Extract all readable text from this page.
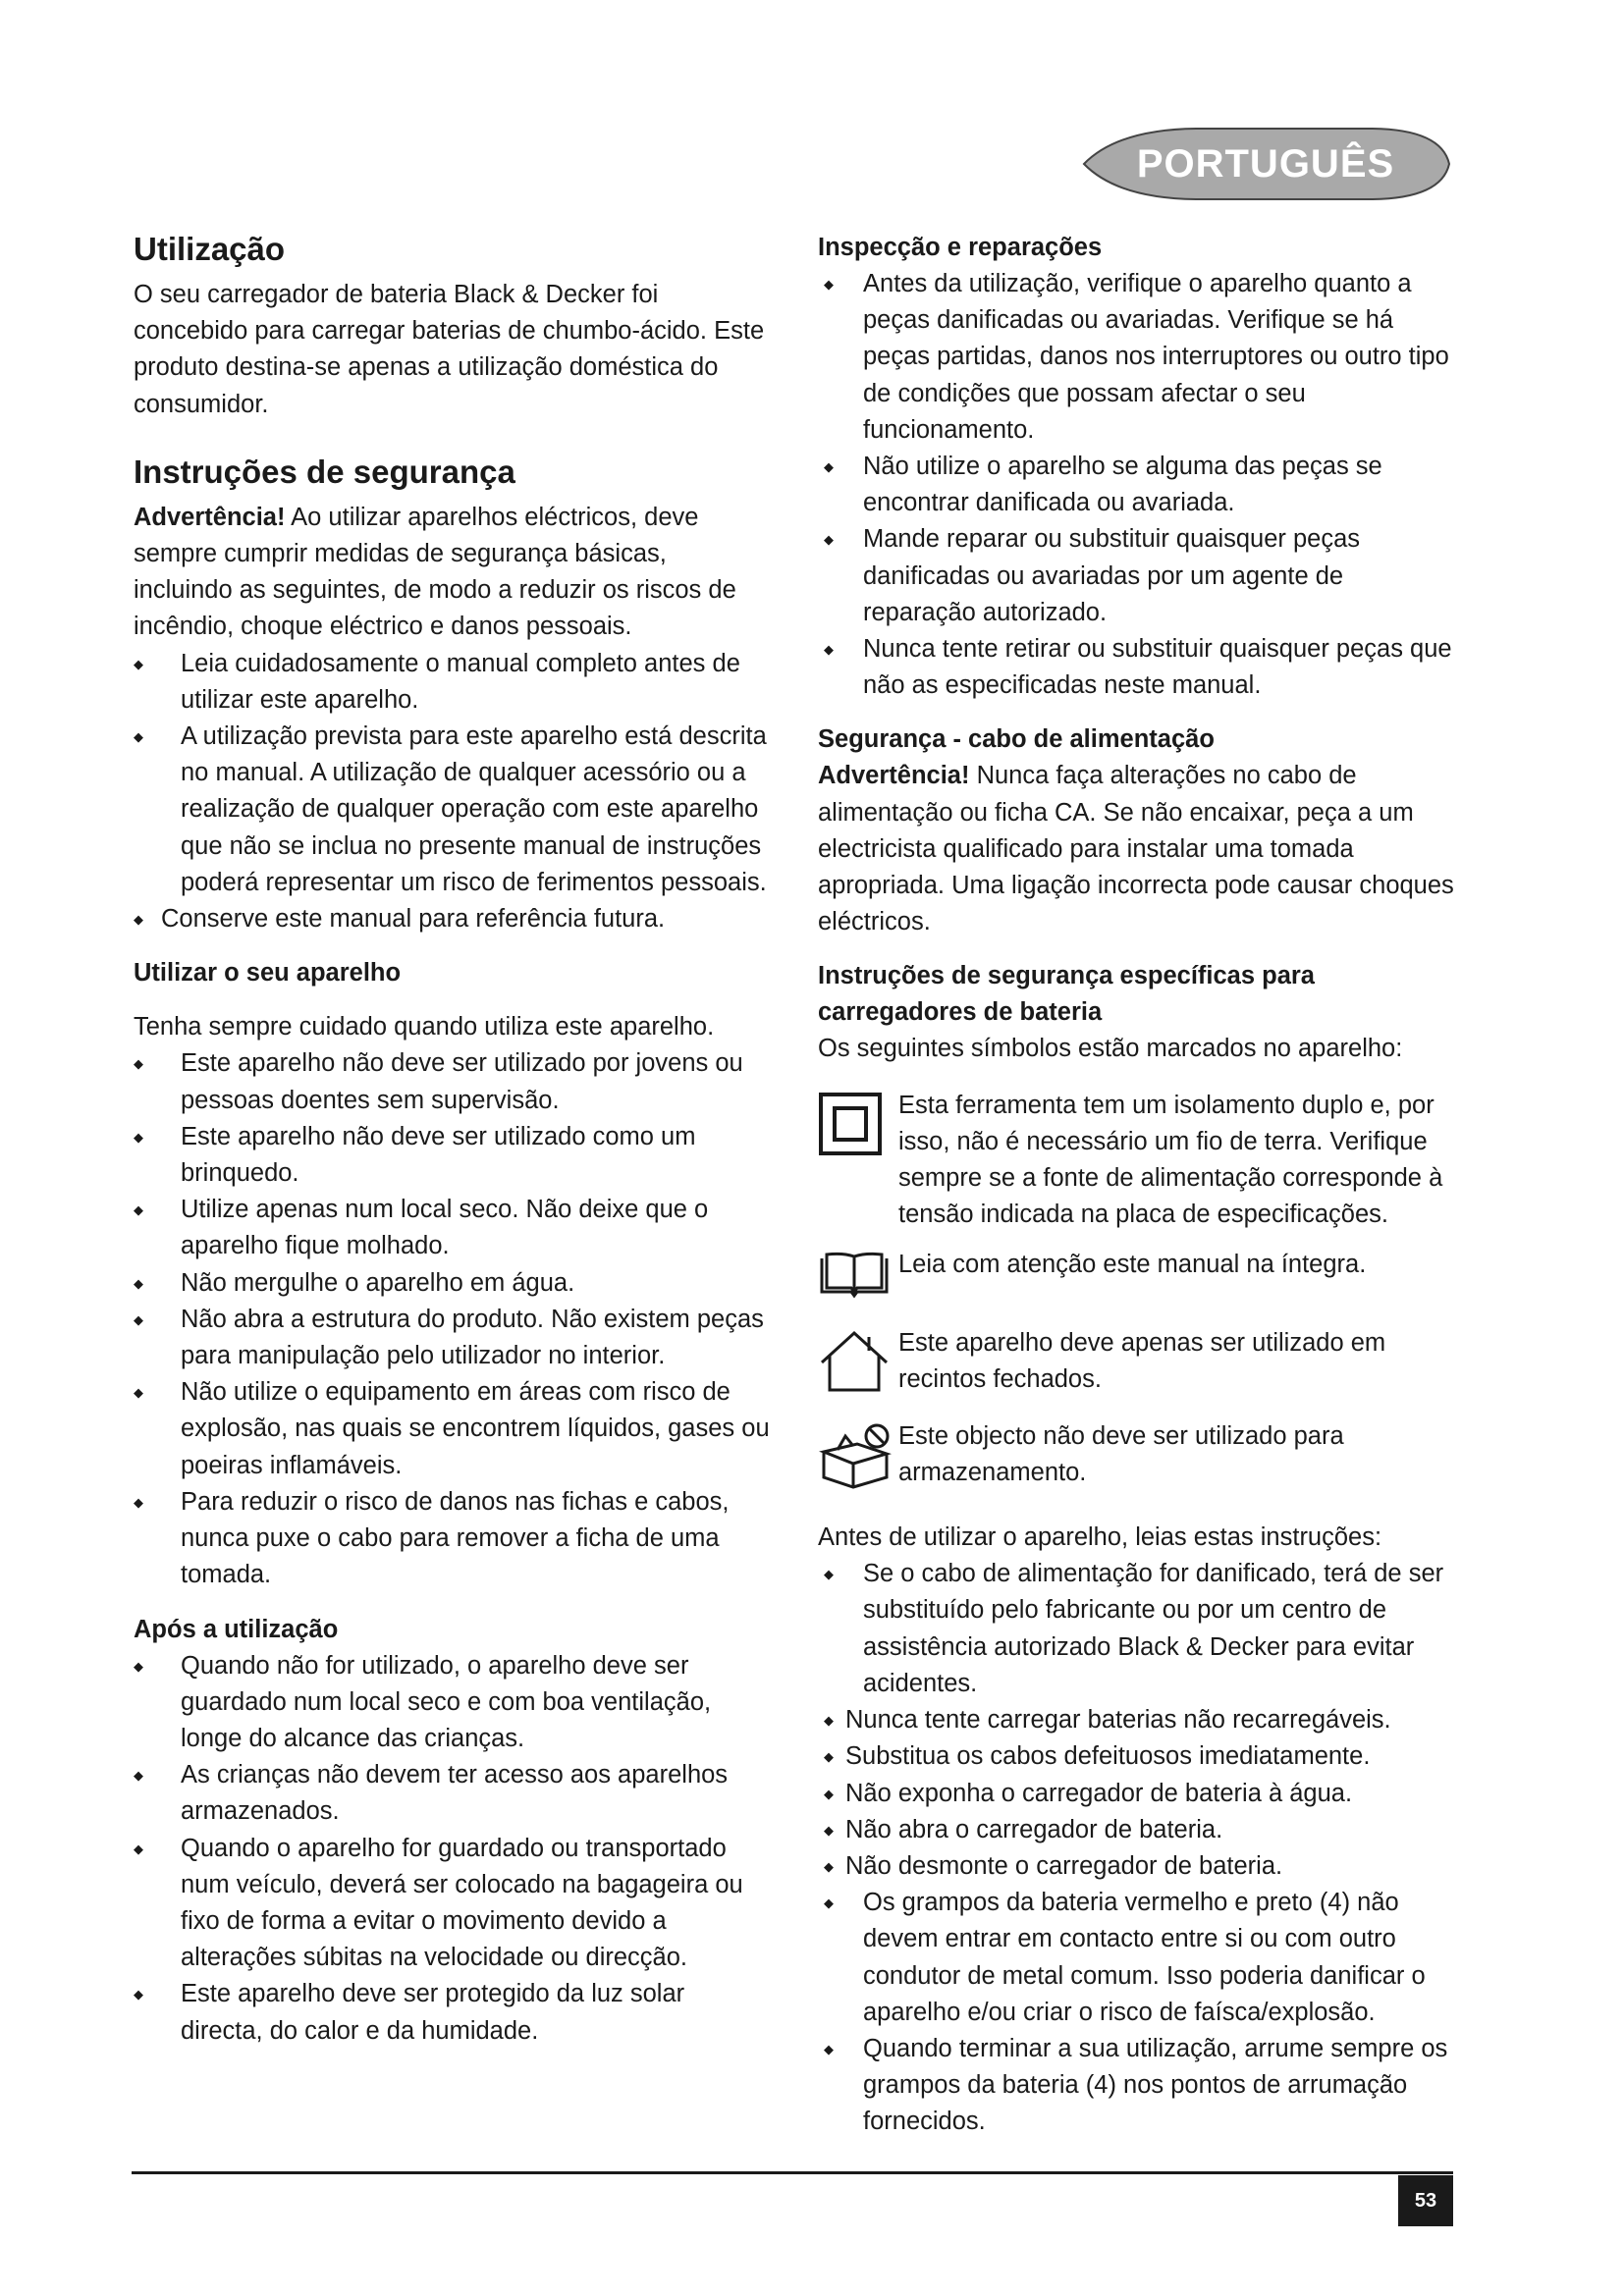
PORTUGUÊS
Utilização

O seu carregador de bateria Black & Decker foi concebido para carregar baterias de chumbo-ácido. Este produto destina-se apenas a utilização doméstica do consumidor.

Instruções de segurança

Advertência! Ao utilizar aparelhos eléctricos, deve sempre cumprir medidas de segurança básicas, incluindo as seguintes, de modo a reduzir os riscos de incêndio, choque eléctrico e danos pessoais.

◆ Leia cuidadosamente o manual completo antes de utilizar este aparelho.
◆ A utilização prevista para este aparelho está descrita no manual. A utilização de qualquer acessório ou a realização de qualquer operação com este aparelho que não se inclua no presente manual de instruções poderá representar um risco de ferimentos pessoais.
◆ Conserve este manual para referência futura.
Utilizar o seu aparelho

Tenha sempre cuidado quando utiliza este aparelho.

◆ Este aparelho não deve ser utilizado por jovens ou pessoas doentes sem supervisão.
◆ Este aparelho não deve ser utilizado como um brinquedo.
◆ Utilize apenas num local seco. Não deixe que o aparelho fique molhado.
◆ Não mergulhe o aparelho em água.
◆ Não abra a estrutura do produto. Não existem peças para manipulação pelo utilizador no interior.
◆ Não utilize o equipamento em áreas com risco de explosão, nas quais se encontrem líquidos, gases ou poeiras inflamáveis.
◆ Para reduzir o risco de danos nas fichas e cabos, nunca puxe o cabo para remover a ficha de uma tomada.
Após a utilização
◆ Quando não for utilizado, o aparelho deve ser guardado num local seco e com boa ventilação, longe do alcance das crianças.
◆ As crianças não devem ter acesso aos aparelhos armazenados.
◆ Quando o aparelho for guardado ou transportado num veículo, deverá ser colocado na bagageira ou fixo de forma a evitar o movimento devido a alterações súbitas na velocidade ou direcção.
◆ Este aparelho deve ser protegido da luz solar directa, do calor e da humidade.
Inspecção e reparações
◆ Antes da utilização, verifique o aparelho quanto a peças danificadas ou avariadas. Verifique se há peças partidas, danos nos interruptores ou outro tipo de condições que possam afectar o seu funcionamento.
◆ Não utilize o aparelho se alguma das peças se encontrar danificada ou avariada.
◆ Mande reparar ou substituir quaisquer peças danificadas ou avariadas por um agente de reparação autorizado.
◆ Nunca tente retirar ou substituir quaisquer peças que não as especificadas neste manual.
Segurança - cabo de alimentação

Advertência! Nunca faça alterações no cabo de alimentação ou ficha CA. Se não encaixar, peça a um electricista qualificado para instalar uma tomada apropriada. Uma ligação incorrecta pode causar choques eléctricos.

Instruções de segurança específicas para carregadores de bateria

Os seguintes símbolos estão marcados no aparelho:

Esta ferramenta tem um isolamento duplo e, por isso, não é necessário um fio de terra. Verifique sempre se a fonte de alimentação corresponde à tensão indicada na placa de especificações.
Leia com atenção este manual na íntegra.
Este aparelho deve apenas ser utilizado em recintos fechados.
Este objecto não deve ser utilizado para armazenamento.

Antes de utilizar o aparelho, leias estas instruções:

◆ Se o cabo de alimentação for danificado, terá de ser substituído pelo fabricante ou por um centro de assistência autorizado Black & Decker para evitar acidentes.
◆ Nunca tente carregar baterias não recarregáveis.
◆ Substitua os cabos defeituosos imediatamente.
◆ Não exponha o carregador de bateria à água.
◆ Não abra o carregador de bateria.
◆ Não desmonte o carregador de bateria.
◆ Os grampos da bateria vermelho e preto (4) não devem entrar em contacto entre si ou com outro condutor de metal comum. Isso poderia danificar o aparelho e/ou criar o risco de faísca/explosão.
◆ Quando terminar a sua utilização, arrume sempre os grampos da bateria (4) nos pontos de arrumação fornecidos.
53
